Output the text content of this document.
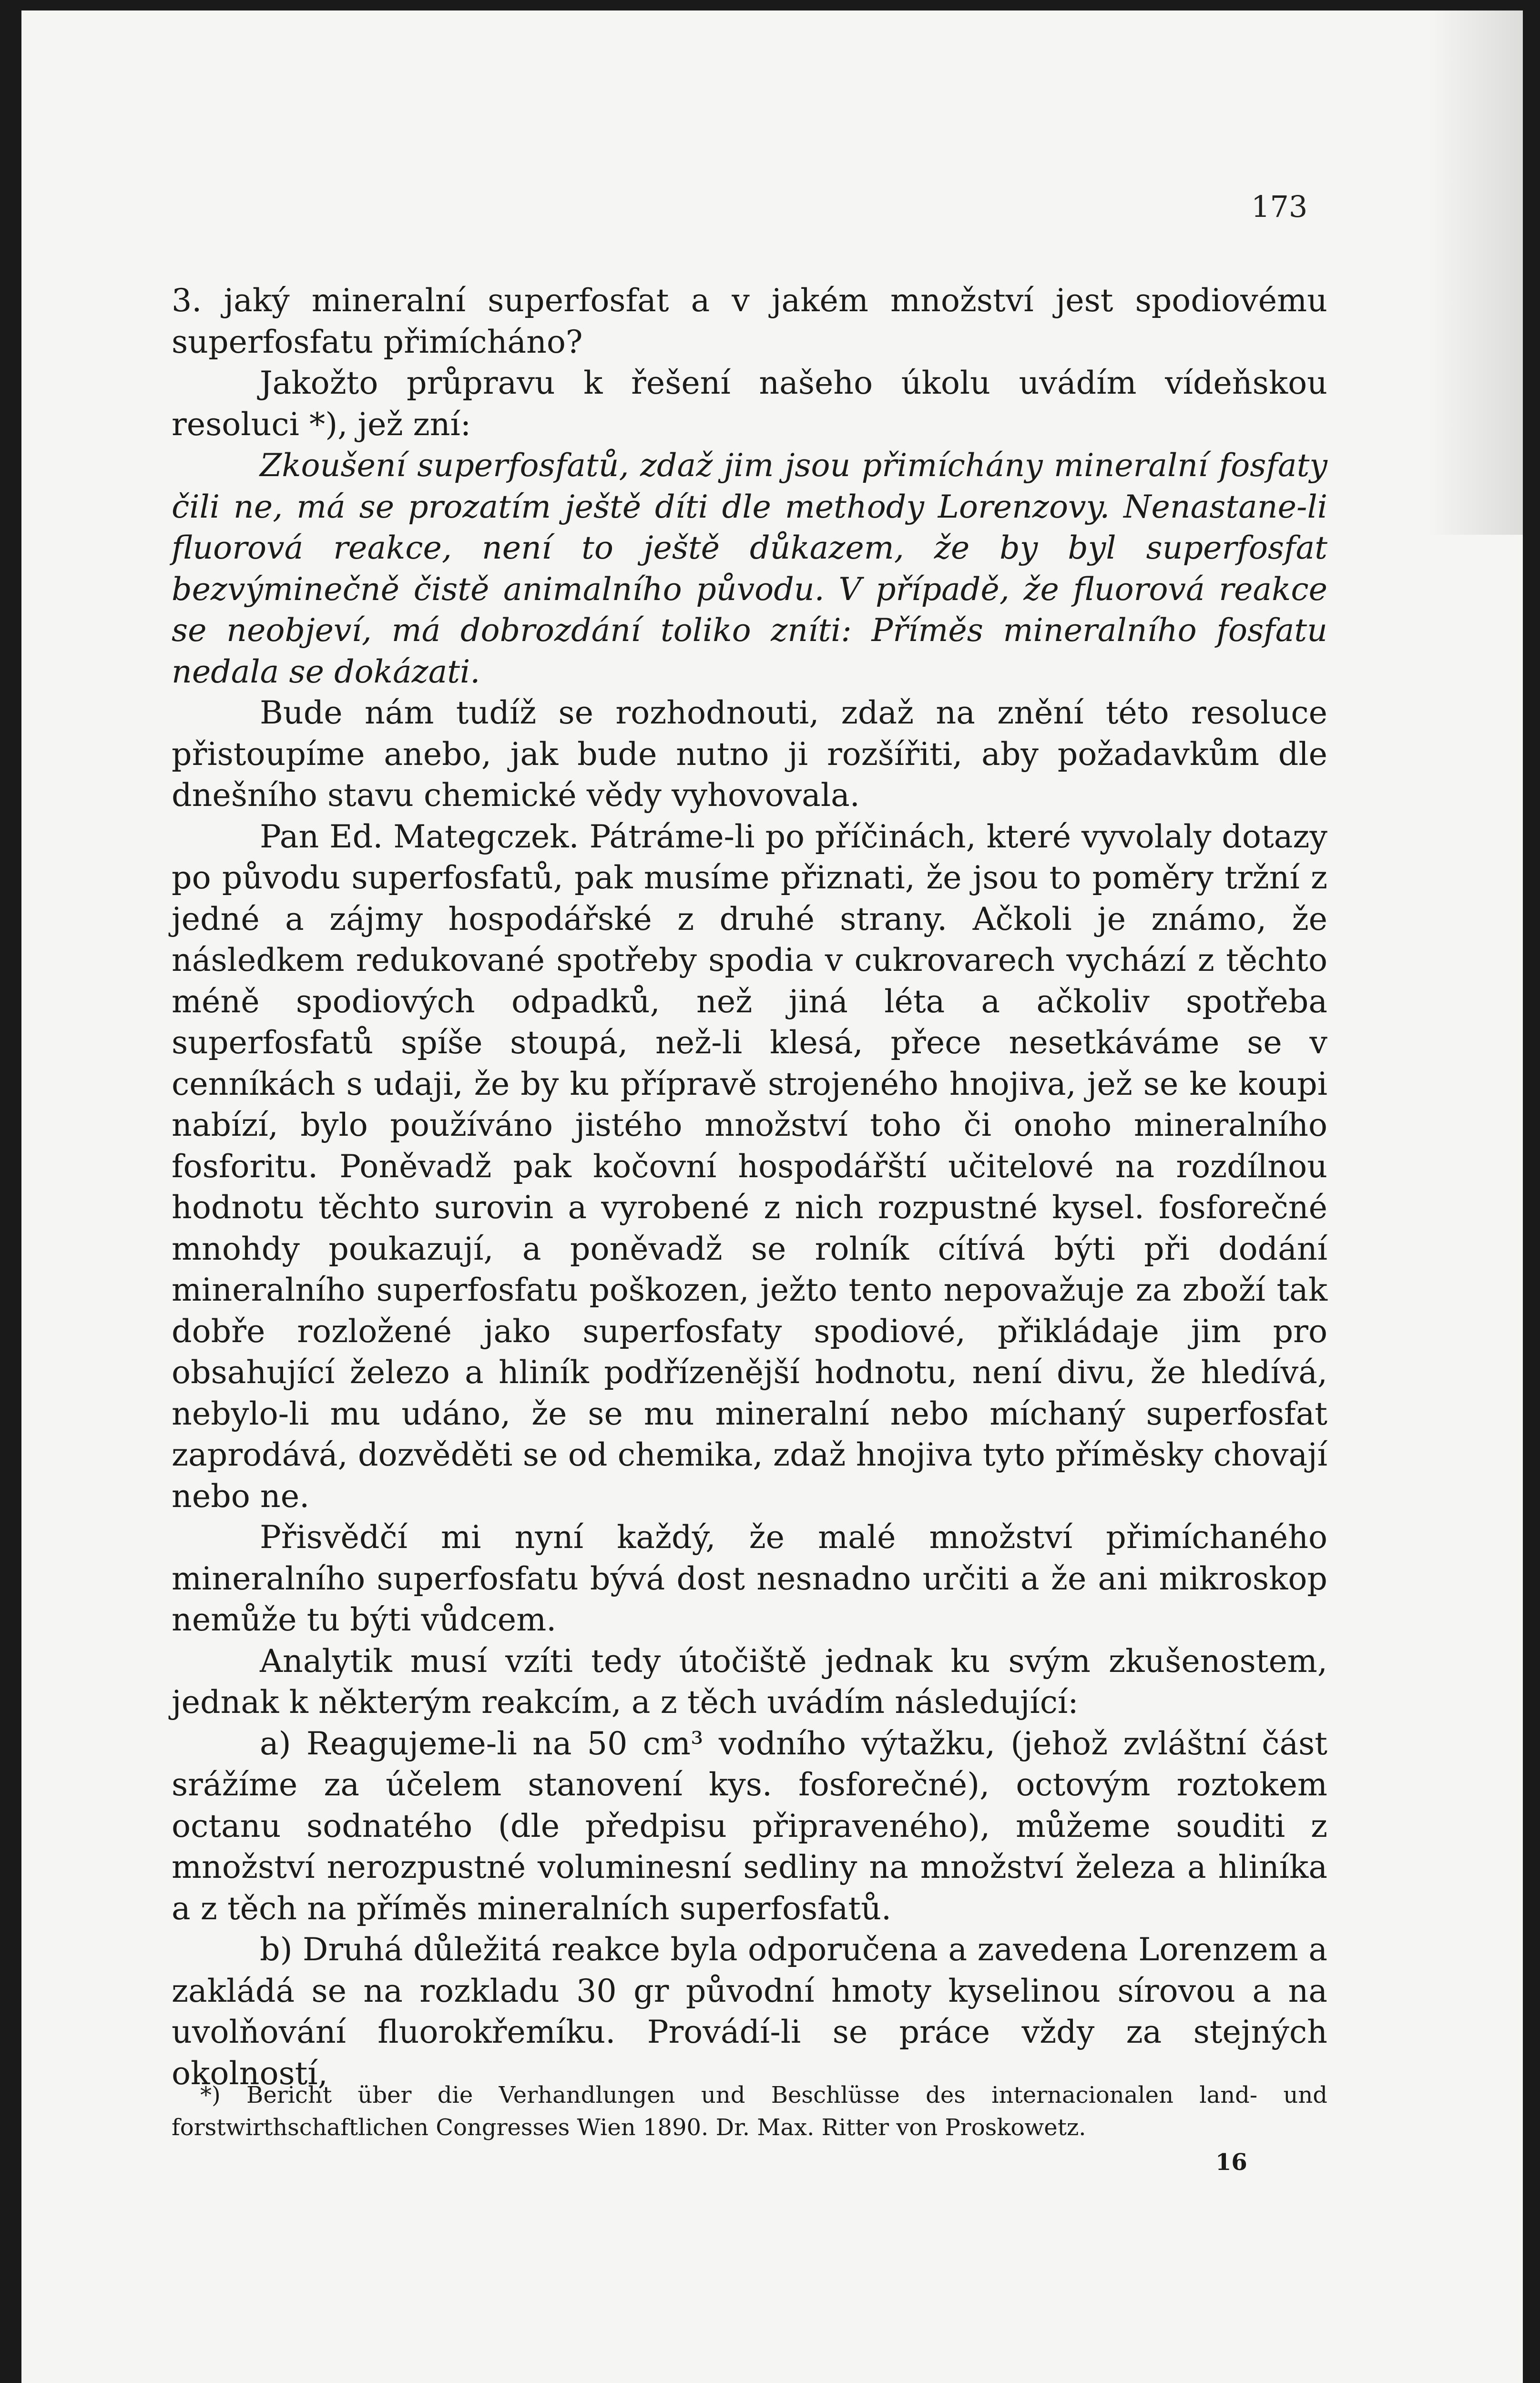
173

3. jaký mineralní superfosfat a v jakém množství jest spodiovému superfosfatu přimícháno?

Jakožto průpravu k řešení našeho úkolu uvádím vídeňskou resoluci *), jež zní:

Zkoušení superfosfatů, zdaž jim jsou přimíchány mineralní fosfaty čili ne, má se prozatím ještě díti dle methody Lorenzovy. Nenastane-li fluorová reakce, není to ještě důkazem, že by byl superfosfat bezvýminečně čistě animalního původu. V případě, že fluorová reakce se neobjeví, má dobrozdání toliko zníti: Příměs mineralního fosfatu nedala se dokázati.

Bude nám tudíž se rozhodnouti, zdaž na znění této resoluce přistoupíme anebo, jak bude nutno ji rozšířiti, aby požadavkům dle dnešního stavu chemické vědy vyhovovala.

Pan Ed. Mategczek. Pátráme-li po příčinách, které vyvolaly dotazy po původu superfosfatů, pak musíme přiznati, že jsou to poměry tržní z jedné a zájmy hospodářské z druhé strany. Ačkoli je známo, že následkem redukované spotřeby spodia v cukrovarech vychází z těchto méně spodiových odpadků, než jiná léta a ačkoliv spotřeba superfosfatů spíše stoupá, než-li klesá, přece nesetkáváme se v cenníkách s udaji, že by ku přípravě strojeného hnojiva, jež se ke koupi nabízí, bylo používáno jistého množství toho či onoho mineralního fosforitu. Poněvadž pak kočovní hospodářští učitelové na rozdílnou hodnotu těchto surovin a vyrobené z nich rozpustné kysel. fosforečné mnohdy poukazují, a poněvadž se rolník cítívá býti při dodání mineralního superfosfatu poškozen, ježto tento nepovažuje za zboží tak dobře rozložené jako superfosfaty spodiové, přikládaje jim pro obsahující železo a hliník podřízenější hodnotu, není divu, že hledívá, nebylo-li mu udáno, že se mu mineralní nebo míchaný superfosfat zaprodává, dozvěděti se od chemika, zdaž hnojiva tyto příměsky chovají nebo ne.

Přisvědčí mi nyní každý, že malé množství přimíchaného mineralního superfosfatu bývá dost nesnadno určiti a že ani mikroskop nemůže tu býti vůdcem.

Analytik musí vzíti tedy útočiště jednak ku svým zkušenostem, jednak k některým reakcím, a z těch uvádím následující:

a) Reagujeme-li na 50 cm³ vodního výtažku, (jehož zvláštní část srážíme za účelem stanovení kys. fosforečné), octovým roztokem octanu sodnatého (dle předpisu připraveného), můžeme souditi z množství nerozpustné voluminesní sedliny na množství železa a hliníka a z těch na příměs mineralních superfosfatů.

b) Druhá důležitá reakce byla odporučena a zavedena Lorenzem a zakládá se na rozkladu 30 gr původní hmoty kyselinou sírovou a na uvolňování fluorokřemíku. Provádí-li se práce vždy za stejných okolností,

*) Bericht über die Verhandlungen und Beschlüsse des internacionalen land- und forstwirthschaftlichen Congresses Wien 1890. Dr. Max. Ritter von Proskowetz.

16
